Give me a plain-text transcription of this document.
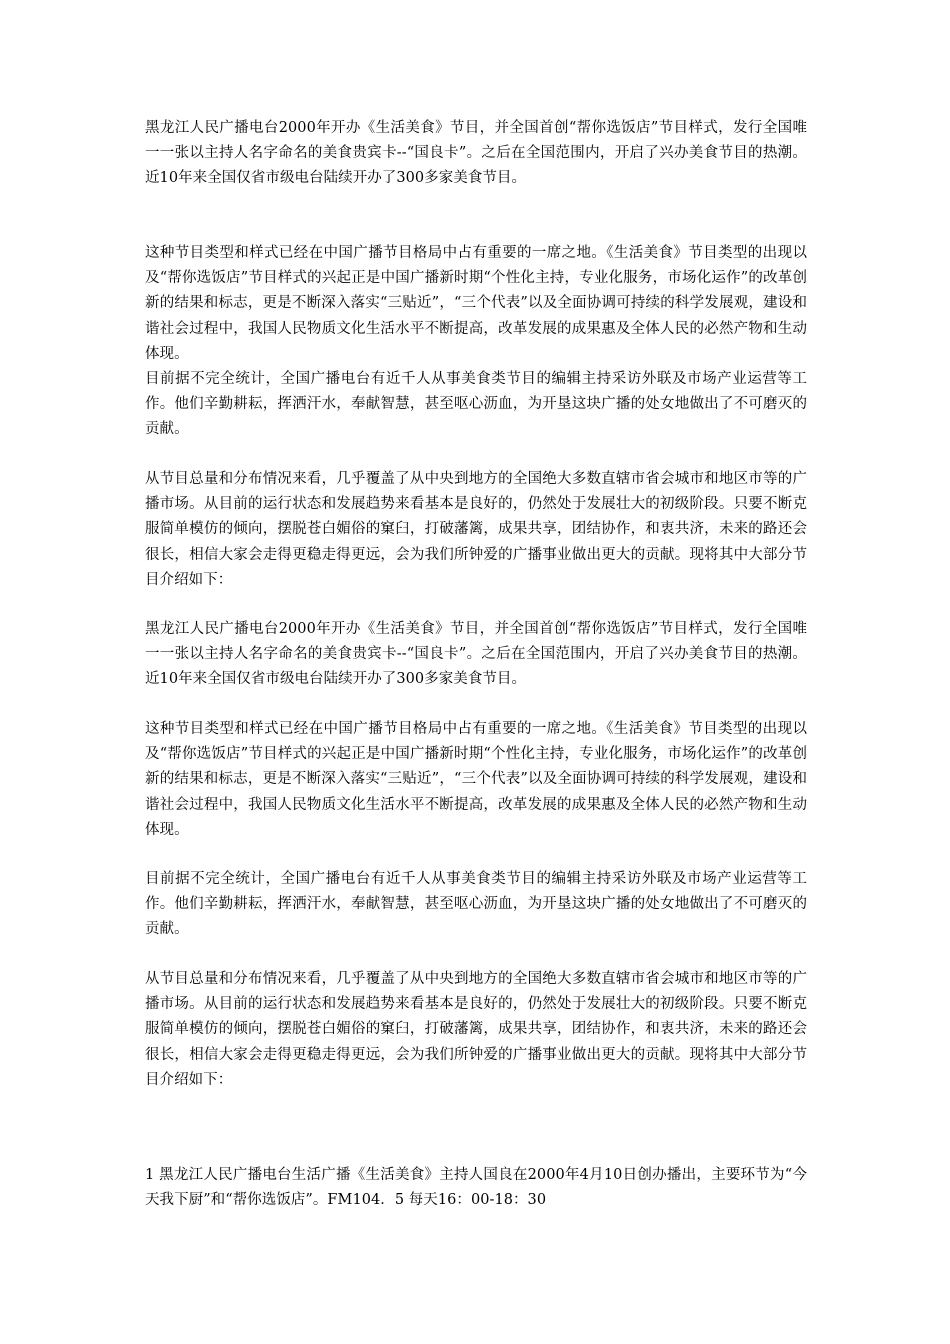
黑龙江人民广播电台2000年开办《生活美食》节目，并全国首创“帮你选饭店”节目样式，发行全国唯一一张以主持人名字命名的美食贵宾卡--“国良卡”。之后在全国范围内，开启了兴办美食节目的热潮。近10年来全国仅省市级电台陆续开办了300多家美食节目。

这种节目类型和样式已经在中国广播节目格局中占有重要的一席之地。《生活美食》节目类型的出现以及“帮你选饭店”节目样式的兴起正是中国广播新时期“个性化主持，专业化服务，市场化运作”的改革创新的结果和标志，更是不断深入落实“三贴近”，“三个代表”以及全面协调可持续的科学发展观，建设和谐社会过程中，我国人民物质文化生活水平不断提高，改革发展的成果惠及全体人民的必然产物和生动体现。

目前据不完全统计，全国广播电台有近千人从事美食类节目的编辑主持采访外联及市场产业运营等工作。他们辛勤耕耘，挥洒汗水，奉献智慧，甚至呕心沥血，为开垦这块广播的处女地做出了不可磨灭的贡献。

从节目总量和分布情况来看，几乎覆盖了从中央到地方的全国绝大多数直辖市省会城市和地区市等的广播市场。从目前的运行状态和发展趋势来看基本是良好的，仍然处于发展壮大的初级阶段。只要不断克服简单模仿的倾向，摆脱苍白媚俗的窠臼，打破藩篱，成果共享，团结协作，和衷共济，未来的路还会很长，相信大家会走得更稳走得更远，会为我们所钟爱的广播事业做出更大的贡献。现将其中大部分节目介绍如下：

黑龙江人民广播电台2000年开办《生活美食》节目，并全国首创“帮你选饭店”节目样式，发行全国唯一一张以主持人名字命名的美食贵宾卡--“国良卡”。之后在全国范围内，开启了兴办美食节目的热潮。近10年来全国仅省市级电台陆续开办了300多家美食节目。

这种节目类型和样式已经在中国广播节目格局中占有重要的一席之地。《生活美食》节目类型的出现以及“帮你选饭店”节目样式的兴起正是中国广播新时期“个性化主持，专业化服务，市场化运作”的改革创新的结果和标志，更是不断深入落实“三贴近”，“三个代表”以及全面协调可持续的科学发展观，建设和谐社会过程中，我国人民物质文化生活水平不断提高，改革发展的成果惠及全体人民的必然产物和生动体现。

目前据不完全统计，全国广播电台有近千人从事美食类节目的编辑主持采访外联及市场产业运营等工作。他们辛勤耕耘，挥洒汗水，奉献智慧，甚至呕心沥血，为开垦这块广播的处女地做出了不可磨灭的贡献。

从节目总量和分布情况来看，几乎覆盖了从中央到地方的全国绝大多数直辖市省会城市和地区市等的广播市场。从目前的运行状态和发展趋势来看基本是良好的，仍然处于发展壮大的初级阶段。只要不断克服简单模仿的倾向，摆脱苍白媚俗的窠臼，打破藩篱，成果共享，团结协作，和衷共济，未来的路还会很长，相信大家会走得更稳走得更远，会为我们所钟爱的广播事业做出更大的贡献。现将其中大部分节目介绍如下：

1 黑龙江人民广播电台生活广播《生活美食》主持人国良在2000年4月10日创办播出，主要环节为“今天我下厨”和“帮你选饭店”。FM104．5 每天16：00-18：30
